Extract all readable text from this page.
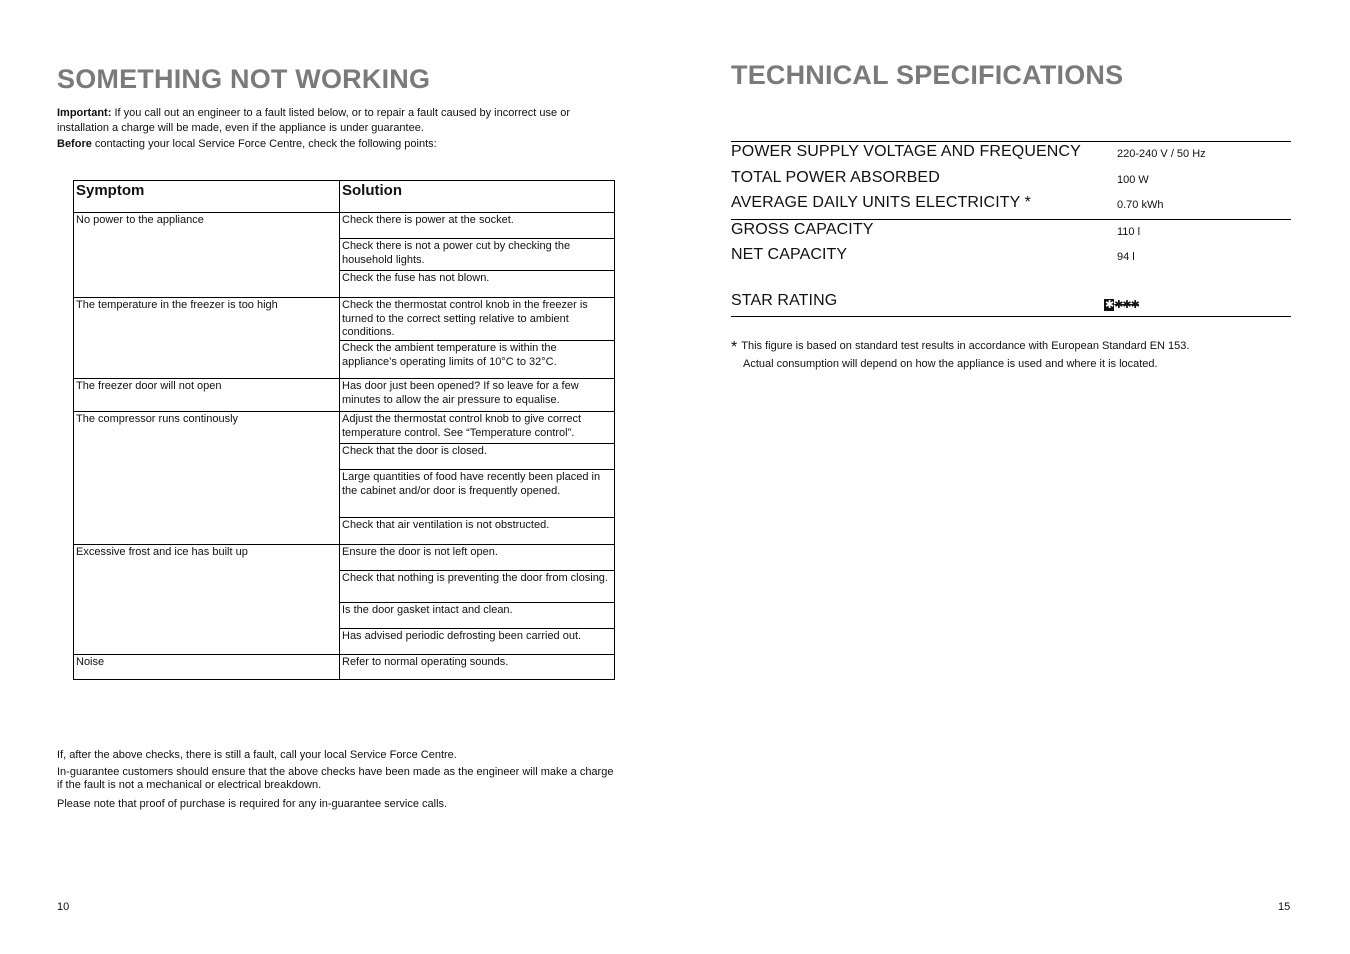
SOMETHING NOT WORKING

Important: If you call out an engineer to a fault listed below, or to repair a fault caused by incorrect use or installation a charge will be made, even if the appliance is under guarantee.

Before contacting your local Service Force Centre, check the following points:

Symptom	Solution
No power to the appliance	Check there is power at the socket.
Check there is not a power cut by checking the household lights.
Check the fuse has not blown.
The temperature in the freezer is too high	Check the thermostat control knob in the freezer is turned to the correct setting relative to ambient conditions.
Check the ambient temperature is within the appliance’s operating limits of 10°C to 32°C.
The freezer door will not open	Has door just been opened? If so leave for a few minutes to allow the air pressure to equalise.
The compressor runs continously	Adjust the thermostat control knob to give correct temperature control. See “Temperature control”.
Check that the door is closed.
Large quantities of food have recently been placed in the cabinet and/or door is frequently opened.
Check that air ventilation is not obstructed.
Excessive frost and ice has built up	Ensure the door is not left open.
Check that nothing is preventing the door from closing.
Is the door gasket intact and clean.
Has advised periodic defrosting been carried out.
Noise	Refer to normal operating sounds.

If, after the above checks, there is still a fault, call your local Service Force Centre.

In-guarantee customers should ensure that the above checks have been made as the engineer will make a charge if the fault is not a mechanical or electrical breakdown.

Please note that proof of purchase is required for any in-guarantee service calls.

10
TECHNICAL SPECIFICATIONS
POWER SUPPLY VOLTAGE AND FREQUENCY	220-240 V / 50 Hz
TOTAL POWER ABSORBED	100 W
AVERAGE DAILY UNITS ELECTRICITY *	0.70 kWh
GROSS CAPACITY	110 l
NET CAPACITY	94 l
STAR RATING	✱✱✱✱

* This figure is based on standard test results in accordance with European Standard EN 153.

Actual consumption will depend on how the appliance is used and where it is located.

15
